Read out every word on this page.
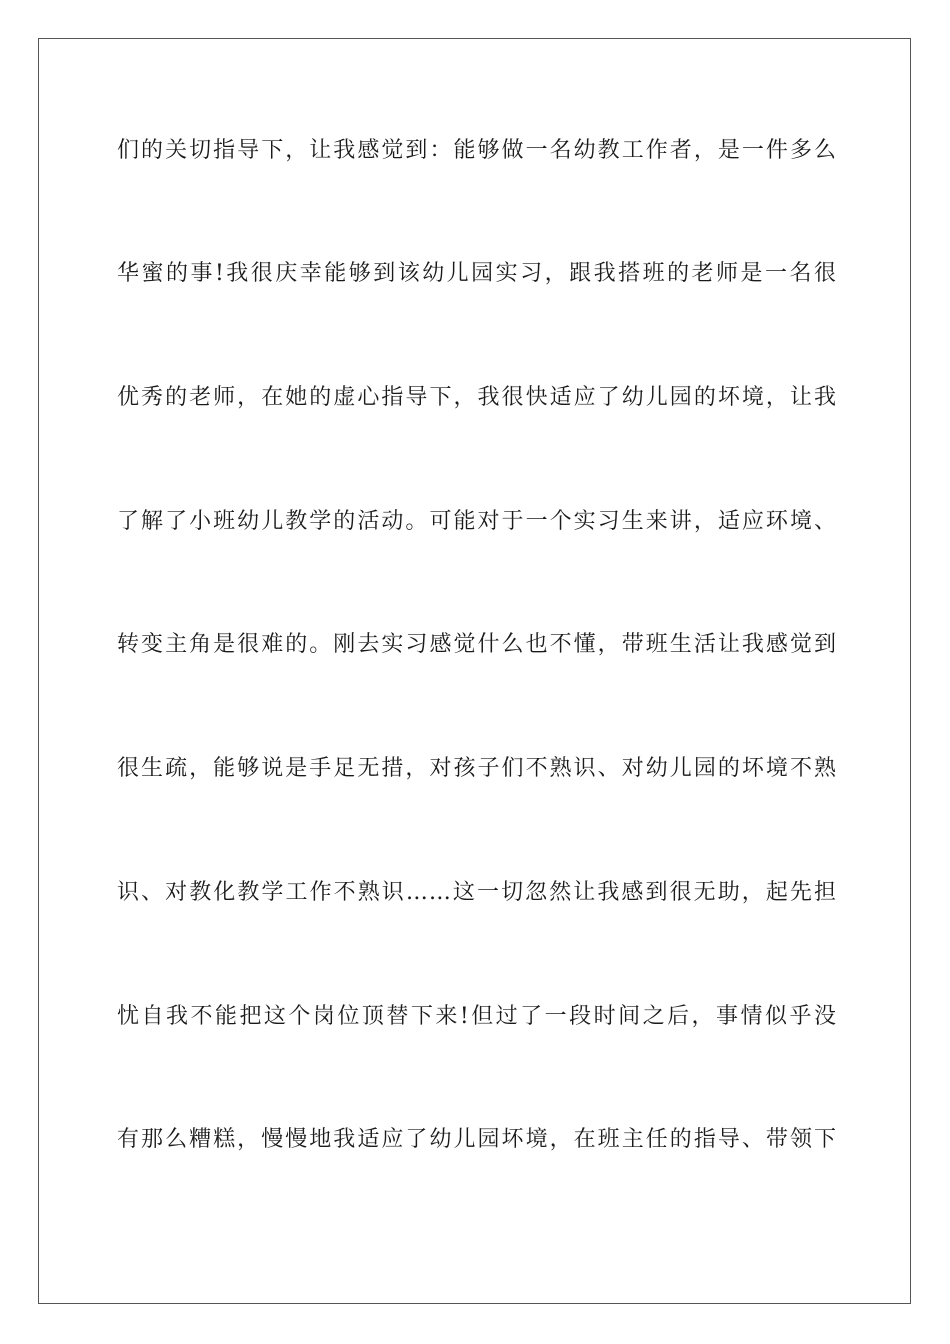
们的关切指导下，让我感觉到：能够做一名幼教工作者，是一件多么
华蜜的事!我很庆幸能够到该幼儿园实习，跟我搭班的老师是一名很
优秀的老师，在她的虚心指导下，我很快适应了幼儿园的坏境，让我
了解了小班幼儿教学的活动。可能对于一个实习生来讲，适应环境、
转变主角是很难的。刚去实习感觉什么也不懂，带班生活让我感觉到
很生疏，能够说是手足无措，对孩子们不熟识、对幼儿园的坏境不熟
识、对教化教学工作不熟识……这一切忽然让我感到很无助，起先担
忧自我不能把这个岗位顶替下来!但过了一段时间之后，事情似乎没
有那么糟糕，慢慢地我适应了幼儿园坏境，在班主任的指导、带领下
